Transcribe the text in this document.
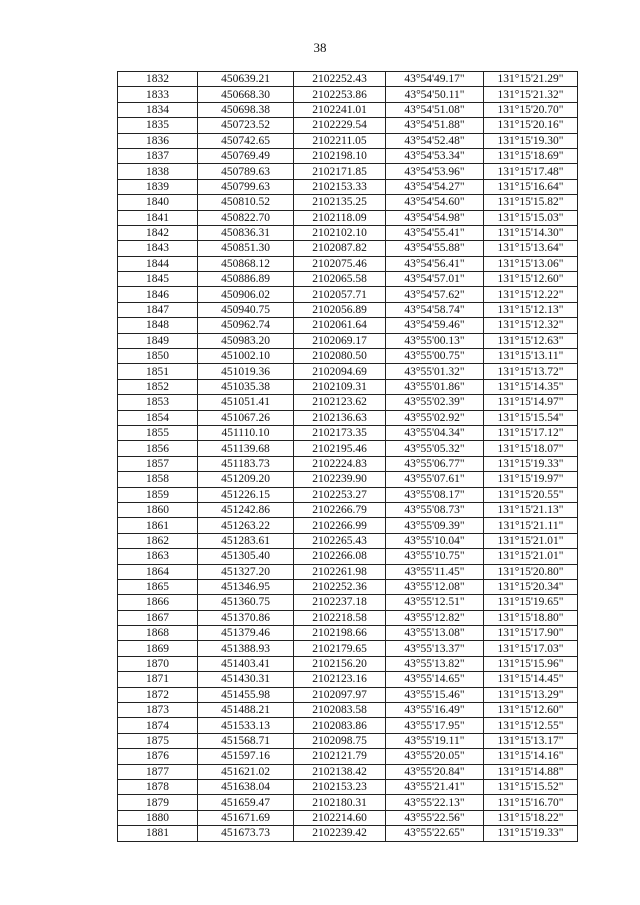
38
1832	450639.21	2102252.43	43°54'49.17"	131°15'21.29"
1833	450668.30	2102253.86	43°54'50.11"	131°15'21.32"
1834	450698.38	2102241.01	43°54'51.08"	131°15'20.70"
1835	450723.52	2102229.54	43°54'51.88"	131°15'20.16"
1836	450742.65	2102211.05	43°54'52.48"	131°15'19.30"
1837	450769.49	2102198.10	43°54'53.34"	131°15'18.69"
1838	450789.63	2102171.85	43°54'53.96"	131°15'17.48"
1839	450799.63	2102153.33	43°54'54.27"	131°15'16.64"
1840	450810.52	2102135.25	43°54'54.60"	131°15'15.82"
1841	450822.70	2102118.09	43°54'54.98"	131°15'15.03"
1842	450836.31	2102102.10	43°54'55.41"	131°15'14.30"
1843	450851.30	2102087.82	43°54'55.88"	131°15'13.64"
1844	450868.12	2102075.46	43°54'56.41"	131°15'13.06"
1845	450886.89	2102065.58	43°54'57.01"	131°15'12.60"
1846	450906.02	2102057.71	43°54'57.62"	131°15'12.22"
1847	450940.75	2102056.89	43°54'58.74"	131°15'12.13"
1848	450962.74	2102061.64	43°54'59.46"	131°15'12.32"
1849	450983.20	2102069.17	43°55'00.13"	131°15'12.63"
1850	451002.10	2102080.50	43°55'00.75"	131°15'13.11"
1851	451019.36	2102094.69	43°55'01.32"	131°15'13.72"
1852	451035.38	2102109.31	43°55'01.86"	131°15'14.35"
1853	451051.41	2102123.62	43°55'02.39"	131°15'14.97"
1854	451067.26	2102136.63	43°55'02.92"	131°15'15.54"
1855	451110.10	2102173.35	43°55'04.34"	131°15'17.12"
1856	451139.68	2102195.46	43°55'05.32"	131°15'18.07"
1857	451183.73	2102224.83	43°55'06.77"	131°15'19.33"
1858	451209.20	2102239.90	43°55'07.61"	131°15'19.97"
1859	451226.15	2102253.27	43°55'08.17"	131°15'20.55"
1860	451242.86	2102266.79	43°55'08.73"	131°15'21.13"
1861	451263.22	2102266.99	43°55'09.39"	131°15'21.11"
1862	451283.61	2102265.43	43°55'10.04"	131°15'21.01"
1863	451305.40	2102266.08	43°55'10.75"	131°15'21.01"
1864	451327.20	2102261.98	43°55'11.45"	131°15'20.80"
1865	451346.95	2102252.36	43°55'12.08"	131°15'20.34"
1866	451360.75	2102237.18	43°55'12.51"	131°15'19.65"
1867	451370.86	2102218.58	43°55'12.82"	131°15'18.80"
1868	451379.46	2102198.66	43°55'13.08"	131°15'17.90"
1869	451388.93	2102179.65	43°55'13.37"	131°15'17.03"
1870	451403.41	2102156.20	43°55'13.82"	131°15'15.96"
1871	451430.31	2102123.16	43°55'14.65"	131°15'14.45"
1872	451455.98	2102097.97	43°55'15.46"	131°15'13.29"
1873	451488.21	2102083.58	43°55'16.49"	131°15'12.60"
1874	451533.13	2102083.86	43°55'17.95"	131°15'12.55"
1875	451568.71	2102098.75	43°55'19.11"	131°15'13.17"
1876	451597.16	2102121.79	43°55'20.05"	131°15'14.16"
1877	451621.02	2102138.42	43°55'20.84"	131°15'14.88"
1878	451638.04	2102153.23	43°55'21.41"	131°15'15.52"
1879	451659.47	2102180.31	43°55'22.13"	131°15'16.70"
1880	451671.69	2102214.60	43°55'22.56"	131°15'18.22"
1881	451673.73	2102239.42	43°55'22.65"	131°15'19.33"
